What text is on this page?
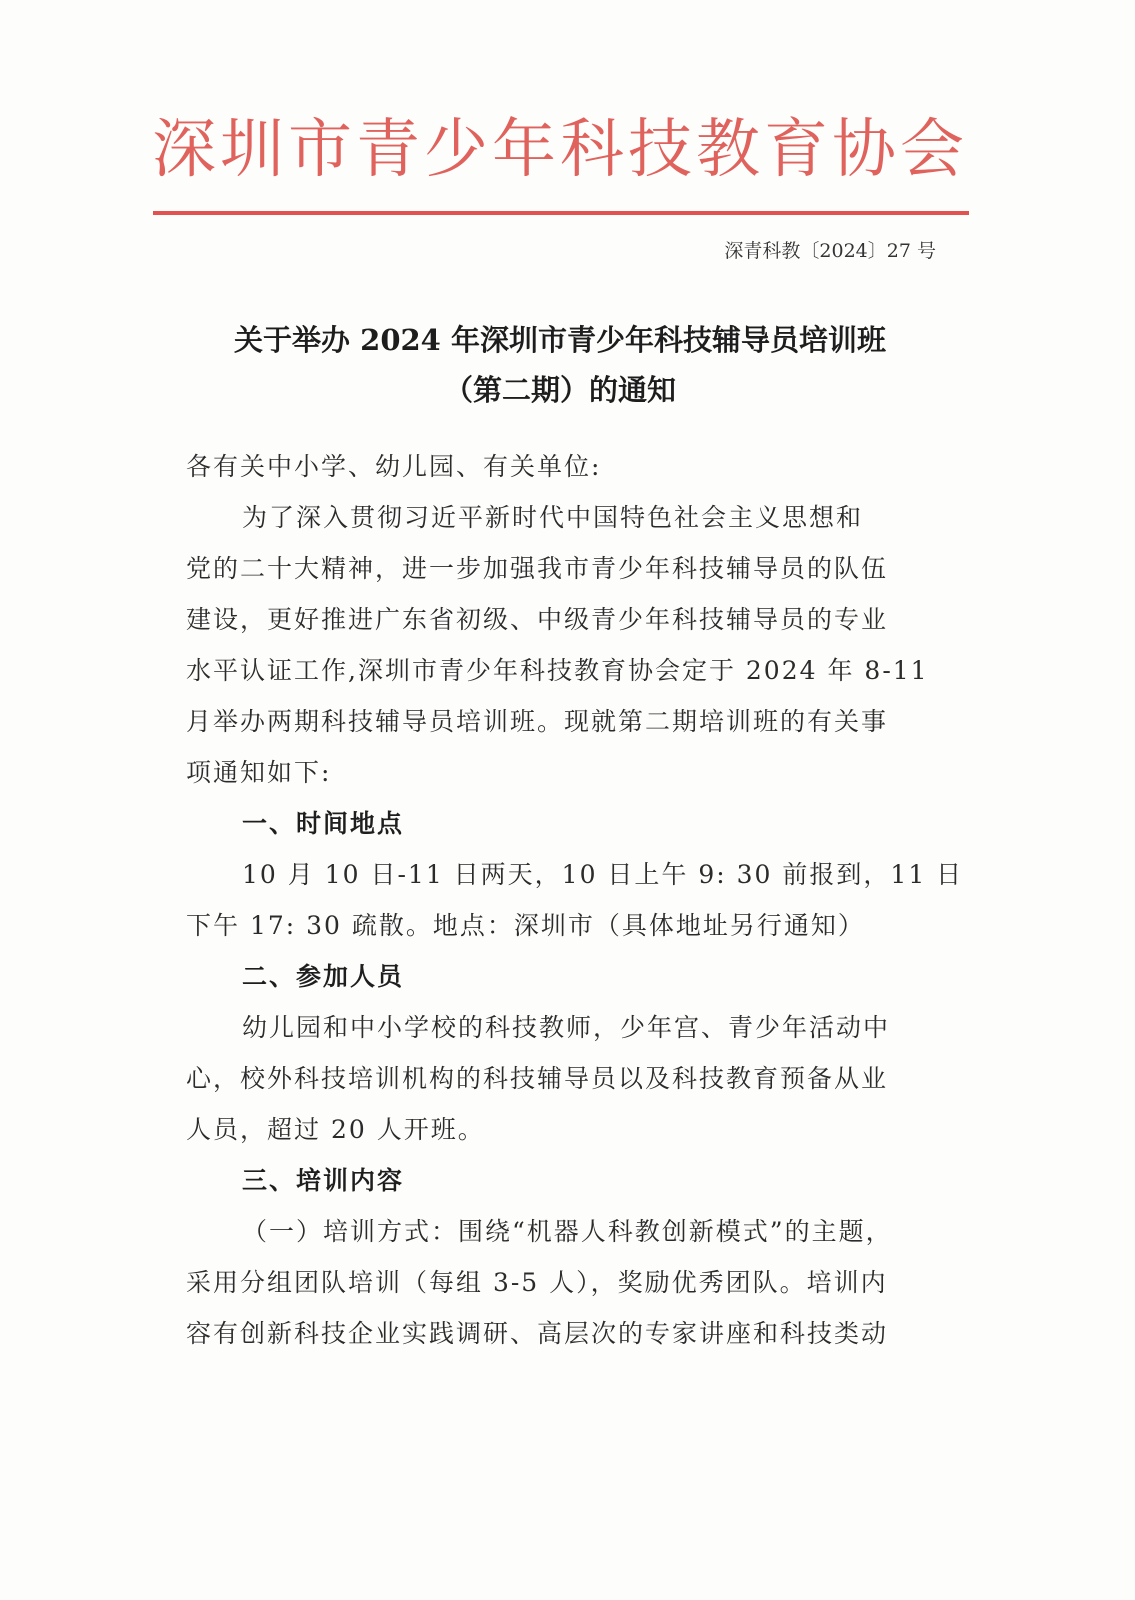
深圳市青少年科技教育协会
深青科教〔2024〕27 号
关于举办 2024 年深圳市青少年科技辅导员培训班
（第二期）的通知
各有关中小学、幼儿园、有关单位:
为了深入贯彻习近平新时代中国特色社会主义思想和
党的二十大精神，进一步加强我市青少年科技辅导员的队伍
建设，更好推进广东省初级、中级青少年科技辅导员的专业
水平认证工作,深圳市青少年科技教育协会定于 2024 年 8-11
月举办两期科技辅导员培训班。现就第二期培训班的有关事
项通知如下:
一、时间地点
10 月 10 日-11 日两天，10 日上午 9: 30 前报到，11 日
下午 17: 30 疏散。地点：深圳市（具体地址另行通知）
二、参加人员
幼儿园和中小学校的科技教师，少年宫、青少年活动中
心，校外科技培训机构的科技辅导员以及科技教育预备从业
人员，超过 20 人开班。
三、培训内容
（一）培训方式：围绕“机器人科教创新模式”的主题，
采用分组团队培训（每组 3-5 人），奖励优秀团队。培训内
容有创新科技企业实践调研、高层次的专家讲座和科技类动
